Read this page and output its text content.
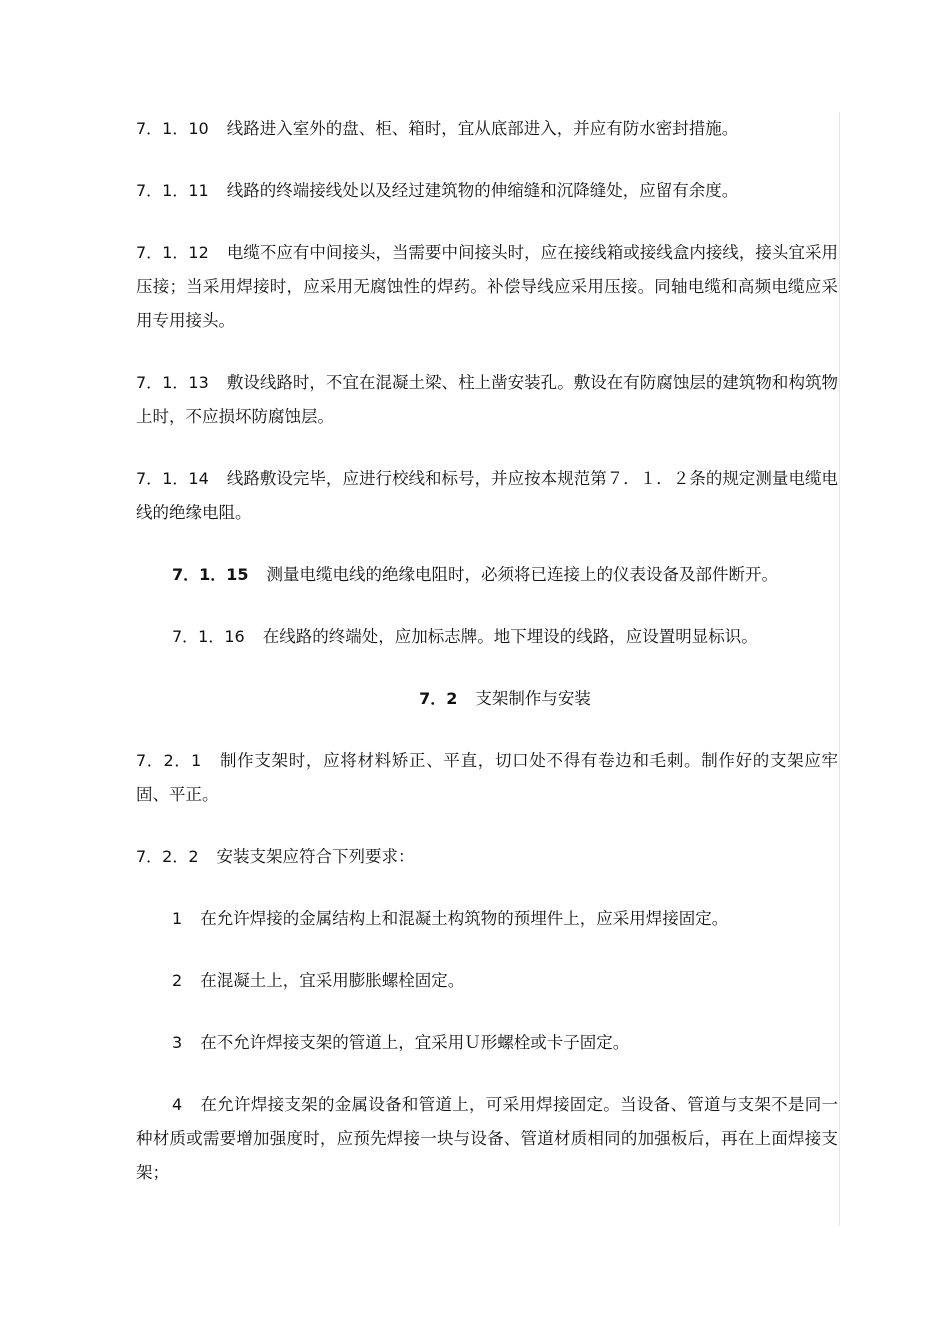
7．1．10 线路进入室外的盘、柜、箱时，宜从底部进入，并应有防水密封措施。

7．1．11 线路的终端接线处以及经过建筑物的伸缩缝和沉降缝处，应留有余度。

7．1．12 电缆不应有中间接头，当需要中间接头时，应在接线箱或接线盒内接线，接头宜采用压接；当采用焊接时，应采用无腐蚀性的焊药。补偿导线应采用压接。同轴电缆和高频电缆应采用专用接头。

7．1．13 敷设线路时，不宜在混凝土梁、柱上凿安装孔。敷设在有防腐蚀层的建筑物和构筑物上时，不应损坏防腐蚀层。

7．1．14 线路敷设完毕，应进行校线和标号，并应按本规范第７．１．２条的规定测量电缆电线的绝缘电阻。

7．1．15 测量电缆电线的绝缘电阻时，必须将已连接上的仪表设备及部件断开。

7．1．16 在线路的终端处，应加标志牌。地下埋设的线路，应设置明显标识。

7．2 支架制作与安装

7．2．1 制作支架时，应将材料矫正、平直，切口处不得有卷边和毛刺。制作好的支架应牢固、平正。

7．2．2 安装支架应符合下列要求：

1 在允许焊接的金属结构上和混凝土构筑物的预埋件上，应采用焊接固定。

2 在混凝土上，宜采用膨胀螺栓固定。

3 在不允许焊接支架的管道上，宜采用Ｕ形螺栓或卡子固定。

4 在允许焊接支架的金属设备和管道上，可采用焊接固定。当设备、管道与支架不是同一种材质或需要增加强度时，应预先焊接一块与设备、管道材质相同的加强板后，再在上面焊接支架；
